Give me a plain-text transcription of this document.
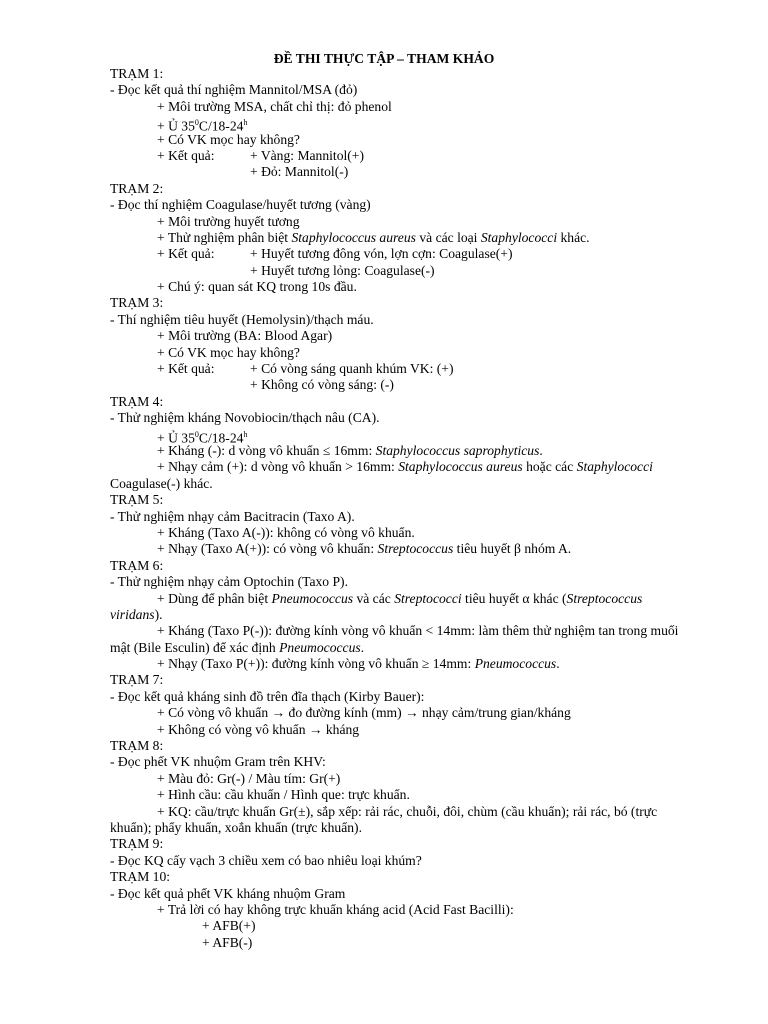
ĐỀ THI THỰC TẬP – THAM KHẢO
TRẠM 1:
- Đọc kết quả thí nghiệm Mannitol/MSA (đỏ)
+ Môi trường MSA, chất chỉ thị: đỏ phenol
+ Ủ $35^0C/18-24^h$
+ Có VK mọc hay không?
+ Kết quả:	+ Vàng: Mannitol(+)
+ Đỏ: Mannitol(-)
TRẠM 2:
- Đọc thí nghiệm Coagulase/huyết tương (vàng)
+ Môi trường huyết tương
+ Thử nghiệm phân biệt Staphylococcus aureus và các loại Staphylococci khác.
+ Kết quả:	+ Huyết tương đông vón, lợn cợn: Coagulase(+)
+ Huyết tương lỏng: Coagulase(-)
+ Chú ý: quan sát KQ trong 10s đầu.
TRẠM 3:
- Thí nghiệm tiêu huyết (Hemolysin)/thạch máu.
+ Môi trường (BA: Blood Agar)
+ Có VK mọc hay không?
+ Kết quả:	+ Có vòng sáng quanh khúm VK: (+)
+ Không có vòng sáng: (-)
TRẠM 4:
- Thử nghiệm kháng Novobiocin/thạch nâu (CA).
+ Ủ $35^0C/18-24^h$
+ Kháng (-): d vòng vô khuẩn ≤ 16mm: Staphylococcus saprophyticus.
+ Nhạy cảm (+): d vòng vô khuẩn > 16mm: Staphylococcus aureus hoặc các Staphylococci
Coagulase(-) khác.
TRẠM 5:
- Thử nghiệm nhạy cảm Bacitracin (Taxo A).
+ Kháng (Taxo A(-)): không có vòng vô khuẩn.
+ Nhạy (Taxo A(+)): có vòng vô khuẩn: Streptococcus tiêu huyết β nhóm A.
TRẠM 6:
- Thử nghiệm nhạy cảm Optochin (Taxo P).
+ Dùng để phân biệt Pneumococcus và các Streptococci tiêu huyết α khác (Streptococcus
viridans).
+ Kháng (Taxo P(-)): đường kính vòng vô khuẩn < 14mm: làm thêm thử nghiệm tan trong muối
mật (Bile Esculin) để xác định Pneumococcus.
+ Nhạy (Taxo P(+)): đường kính vòng vô khuẩn ≥ 14mm: Pneumococcus.
TRẠM 7:
- Đọc kết quả kháng sinh đồ trên đĩa thạch (Kirby Bauer):
+ Có vòng vô khuẩn → đo đường kính (mm) → nhạy cảm/trung gian/kháng
+ Không có vòng vô khuẩn → kháng
TRẠM 8:
- Đọc phết VK nhuộm Gram trên KHV:
+ Màu đỏ: Gr(-) / Màu tím: Gr(+)
+ Hình cầu: cầu khuẩn / Hình que: trực khuẩn.
+ KQ: cầu/trực khuẩn Gr(±), sắp xếp: rải rác, chuỗi, đôi, chùm (cầu khuẩn); rải rác, bó (trực
khuẩn); phẩy khuẩn, xoắn khuẩn (trực khuẩn).
TRẠM 9:
- Đọc KQ cấy vạch 3 chiều xem có bao nhiêu loại khúm?
TRẠM 10:
- Đọc kết quả phết VK kháng nhuộm Gram
+ Trả lời có hay không trực khuẩn kháng acid (Acid Fast Bacilli):
+ AFB(+)
+ AFB(-)
